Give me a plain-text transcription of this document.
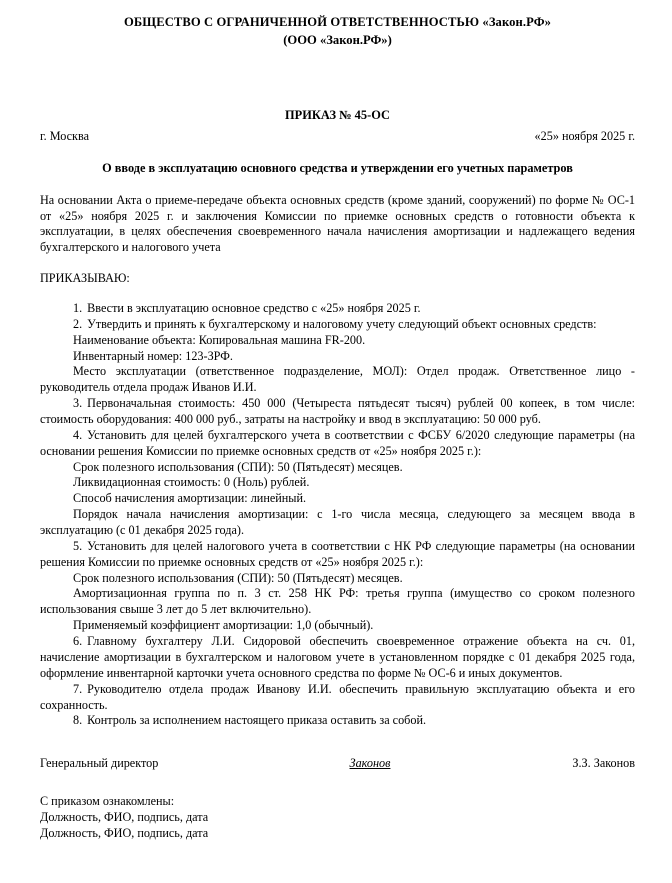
ОБЩЕСТВО С ОГРАНИЧЕННОЙ ОТВЕТСТВЕННОСТЬЮ «Закон.РФ»
(ООО «Закон.РФ»)
ПРИКАЗ № 45-ОС
г. Москва	«25» ноября 2025 г.
О вводе в эксплуатацию основного средства и утверждении его учетных параметров
На основании Акта о приеме-передаче объекта основных средств (кроме зданий, сооружений) по форме № ОС-1 от «25» ноября 2025 г. и заключения Комиссии по приемке основных средств о готовности объекта к эксплуатации, в целях обеспечения своевременного начала начисления амортизации и надлежащего ведения бухгалтерского и налогового учета
ПРИКАЗЫВАЮ:
1. Ввести в эксплуатацию основное средство с «25» ноября 2025 г.
2. Утвердить и принять к бухгалтерскому и налоговому учету следующий объект основных средств:
Наименование объекта: Копировальная машина FR-200.
Инвентарный номер: 123-ЗРФ.
Место эксплуатации (ответственное подразделение, МОЛ): Отдел продаж. Ответственное лицо - руководитель отдела продаж Иванов И.И.
3. Первоначальная стоимость: 450 000 (Четыреста пятьдесят тысяч) рублей 00 копеек, в том числе: стоимость оборудования: 400 000 руб., затраты на настройку и ввод в эксплуатацию: 50 000 руб.
4. Установить для целей бухгалтерского учета в соответствии с ФСБУ 6/2020 следующие параметры (на основании решения Комиссии по приемке основных средств от «25» ноября 2025 г.):
Срок полезного использования (СПИ): 50 (Пятьдесят) месяцев.
Ликвидационная стоимость: 0 (Ноль) рублей.
Способ начисления амортизации: линейный.
Порядок начала начисления амортизации: с 1-го числа месяца, следующего за месяцем ввода в эксплуатацию (с 01 декабря 2025 года).
5. Установить для целей налогового учета в соответствии с НК РФ следующие параметры (на основании решения Комиссии по приемке основных средств от «25» ноября 2025 г.):
Срок полезного использования (СПИ): 50 (Пятьдесят) месяцев.
Амортизационная группа по п. 3 ст. 258 НК РФ: третья группа (имущество со сроком полезного использования свыше 3 лет до 5 лет включительно).
Применяемый коэффициент амортизации: 1,0 (обычный).
6. Главному бухгалтеру Л.И. Сидоровой обеспечить своевременное отражение объекта на сч. 01, начисление амортизации в бухгалтерском и налоговом учете в установленном порядке с 01 декабря 2025 года, оформление инвентарной карточки учета основного средства по форме № ОС-6 и иных документов.
7. Руководителю отдела продаж Иванову И.И. обеспечить правильную эксплуатацию объекта и его сохранность.
8. Контроль за исполнением настоящего приказа оставить за собой.
Генеральный директор	Законов	З.З. Законов
С приказом ознакомлены:
Должность, ФИО, подпись, дата
Должность, ФИО, подпись, дата
